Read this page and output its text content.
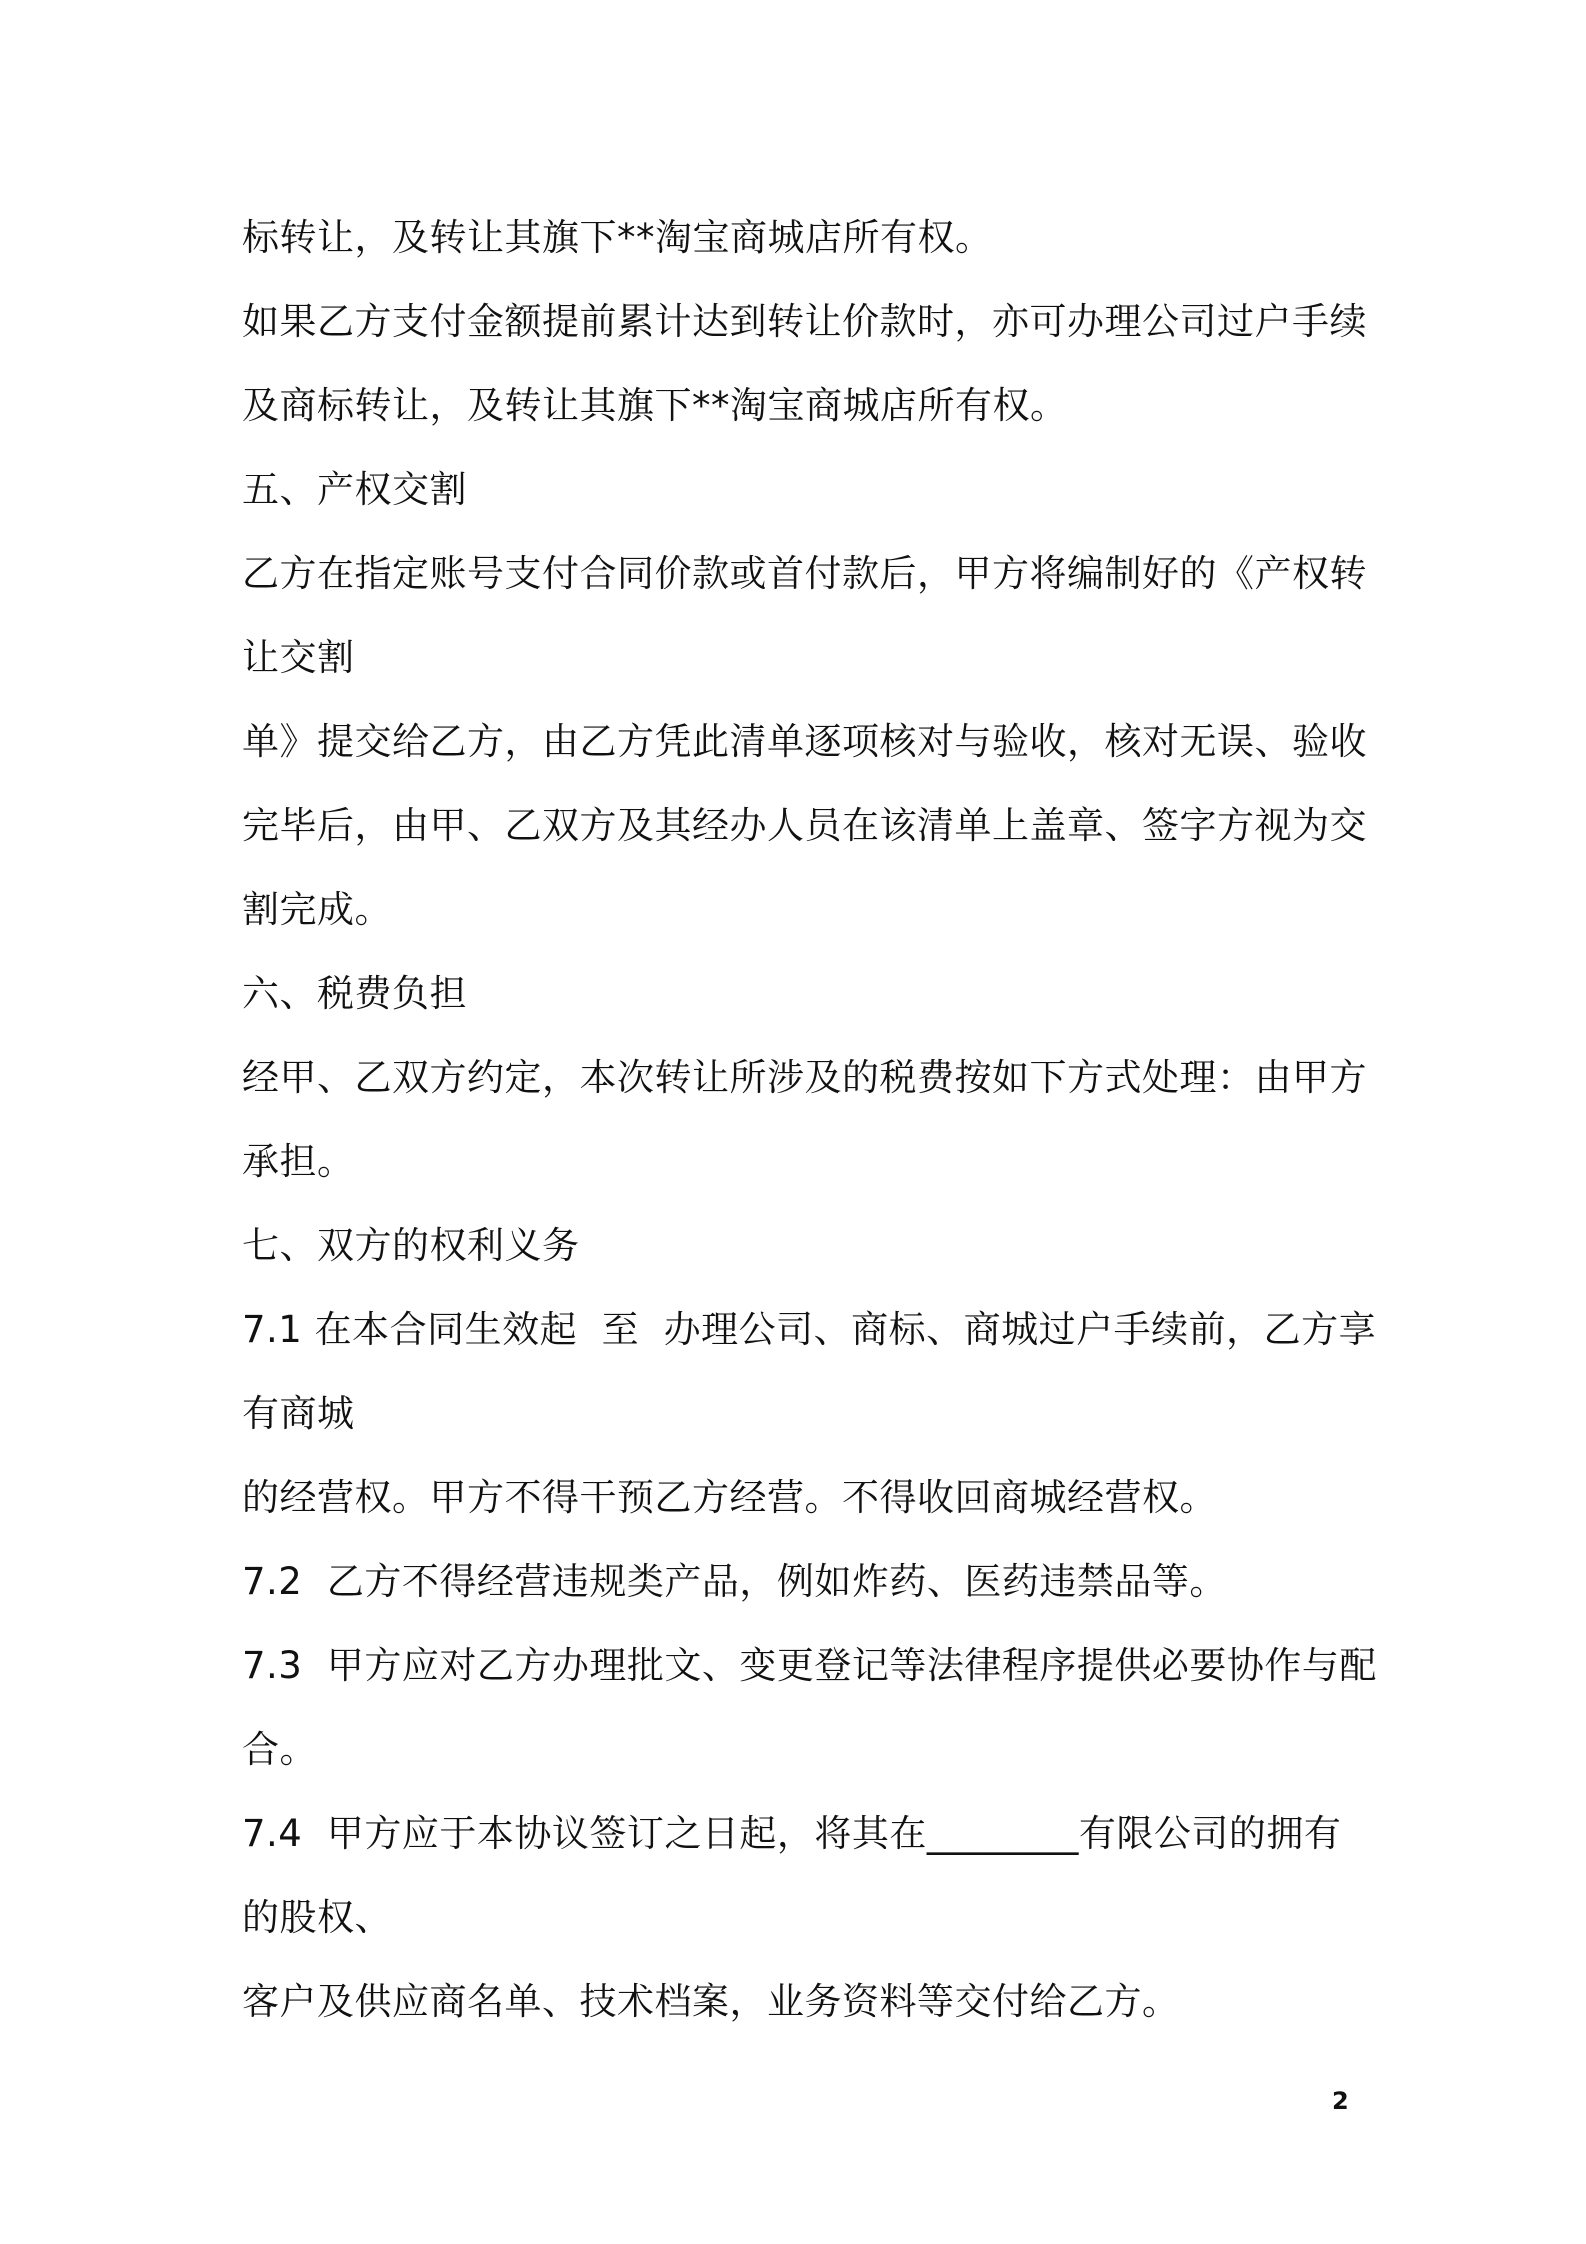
标转让，及转让其旗下**淘宝商城店所有权。
如果乙方支付金额提前累计达到转让价款时，亦可办理公司过户手续
及商标转让，及转让其旗下**淘宝商城店所有权。
五、产权交割
乙方在指定账号支付合同价款或首付款后，甲方将编制好的《产权转
让交割
单》提交给乙方，由乙方凭此清单逐项核对与验收，核对无误、验收
完毕后，由甲、乙双方及其经办人员在该清单上盖章、签字方视为交
割完成。
六、税费负担
经甲、乙双方约定，本次转让所涉及的税费按如下方式处理：由甲方
承担。
七、双方的权利义务
7.1 在本合同生效起  至  办理公司、商标、商城过户手续前，乙方享
有商城
的经营权。甲方不得干预乙方经营。不得收回商城经营权。
7.2  乙方不得经营违规类产品，例如炸药、医药违禁品等。
7.3  甲方应对乙方办理批文、变更登记等法律程序提供必要协作与配
合。
7.4  甲方应于本协议签订之日起，将其在________有限公司的拥有
的股权、
客户及供应商名单、技术档案，业务资料等交付给乙方。
2
